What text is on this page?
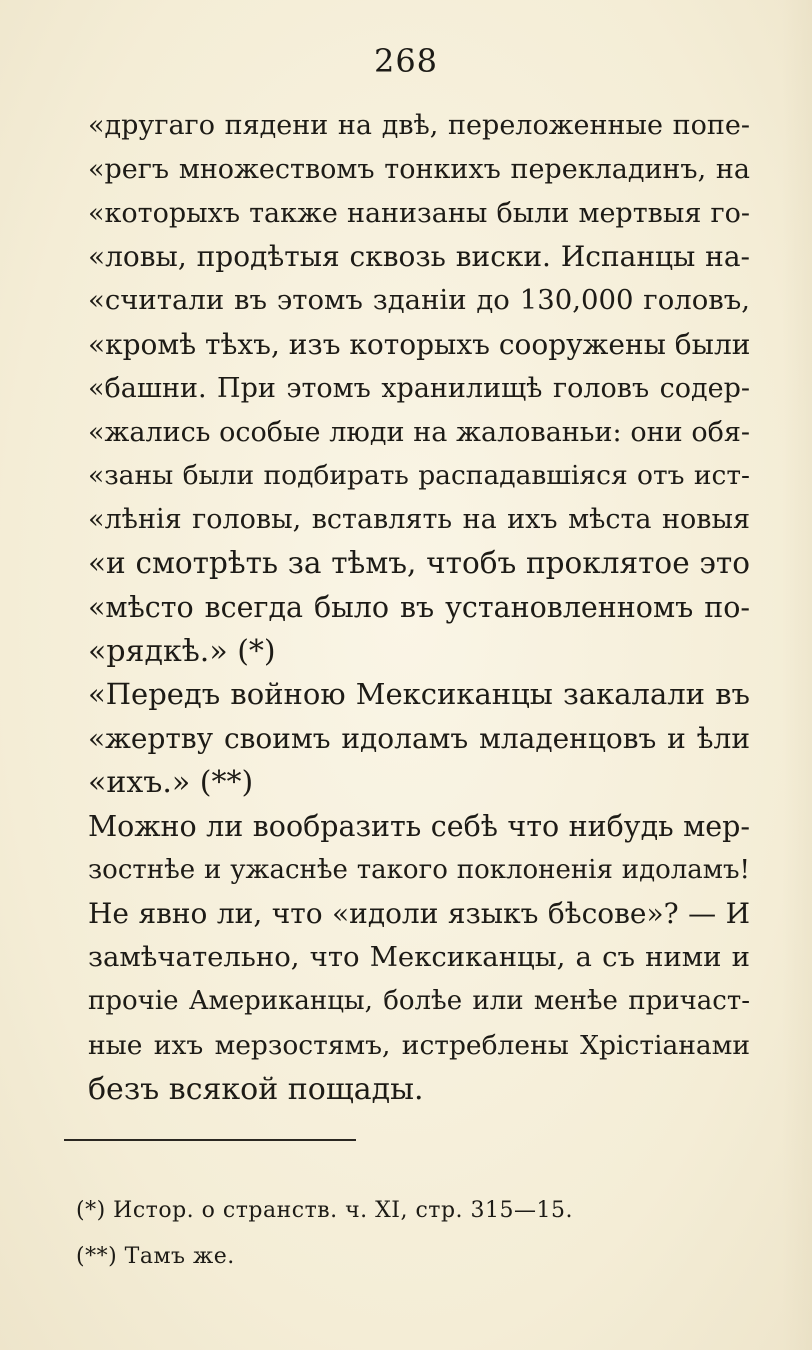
268
«другаго пядени на двѣ, переложенные попе-
«регъ множествомъ тонкихъ перекладинъ, на
«которыхъ также нанизаны были мертвыя го-
«ловы, продѣтыя сквозь виски. Испанцы на-
«считали въ этомъ зданіи до 130,000 головъ,
«кромѣ тѣхъ, изъ которыхъ сооружены были
«башни. При этомъ хранилищѣ головъ содер-
«жались особые люди на жалованьи: они обя-
«заны были подбирать распадавшіяся отъ ист-
«лѣнія головы, вставлять на ихъ мѣста новыя
«и смотрѣть за тѣмъ, чтобъ проклятое это
«мѣсто всегда было въ установленномъ по-
«рядкѣ.» (*)
«Передъ войною Мексиканцы закалали въ
«жертву своимъ идоламъ младенцовъ и ѣли
«ихъ.» (**)
Можно ли вообразить себѣ что нибудь мер-
зостнѣе и ужаснѣе такого поклоненія идоламъ!
Не явно ли, что «идоли языкъ бѣсове»? — И
замѣчательно, что Мексиканцы, а съ ними и
прочіе Американцы, болѣе или менѣе причаст-
ные ихъ мерзостямъ, истреблены Хрістіанами
безъ всякой пощады.
(*) Истор. о странств. ч. XI, стр. 315—15.
(**) Тамъ же.
